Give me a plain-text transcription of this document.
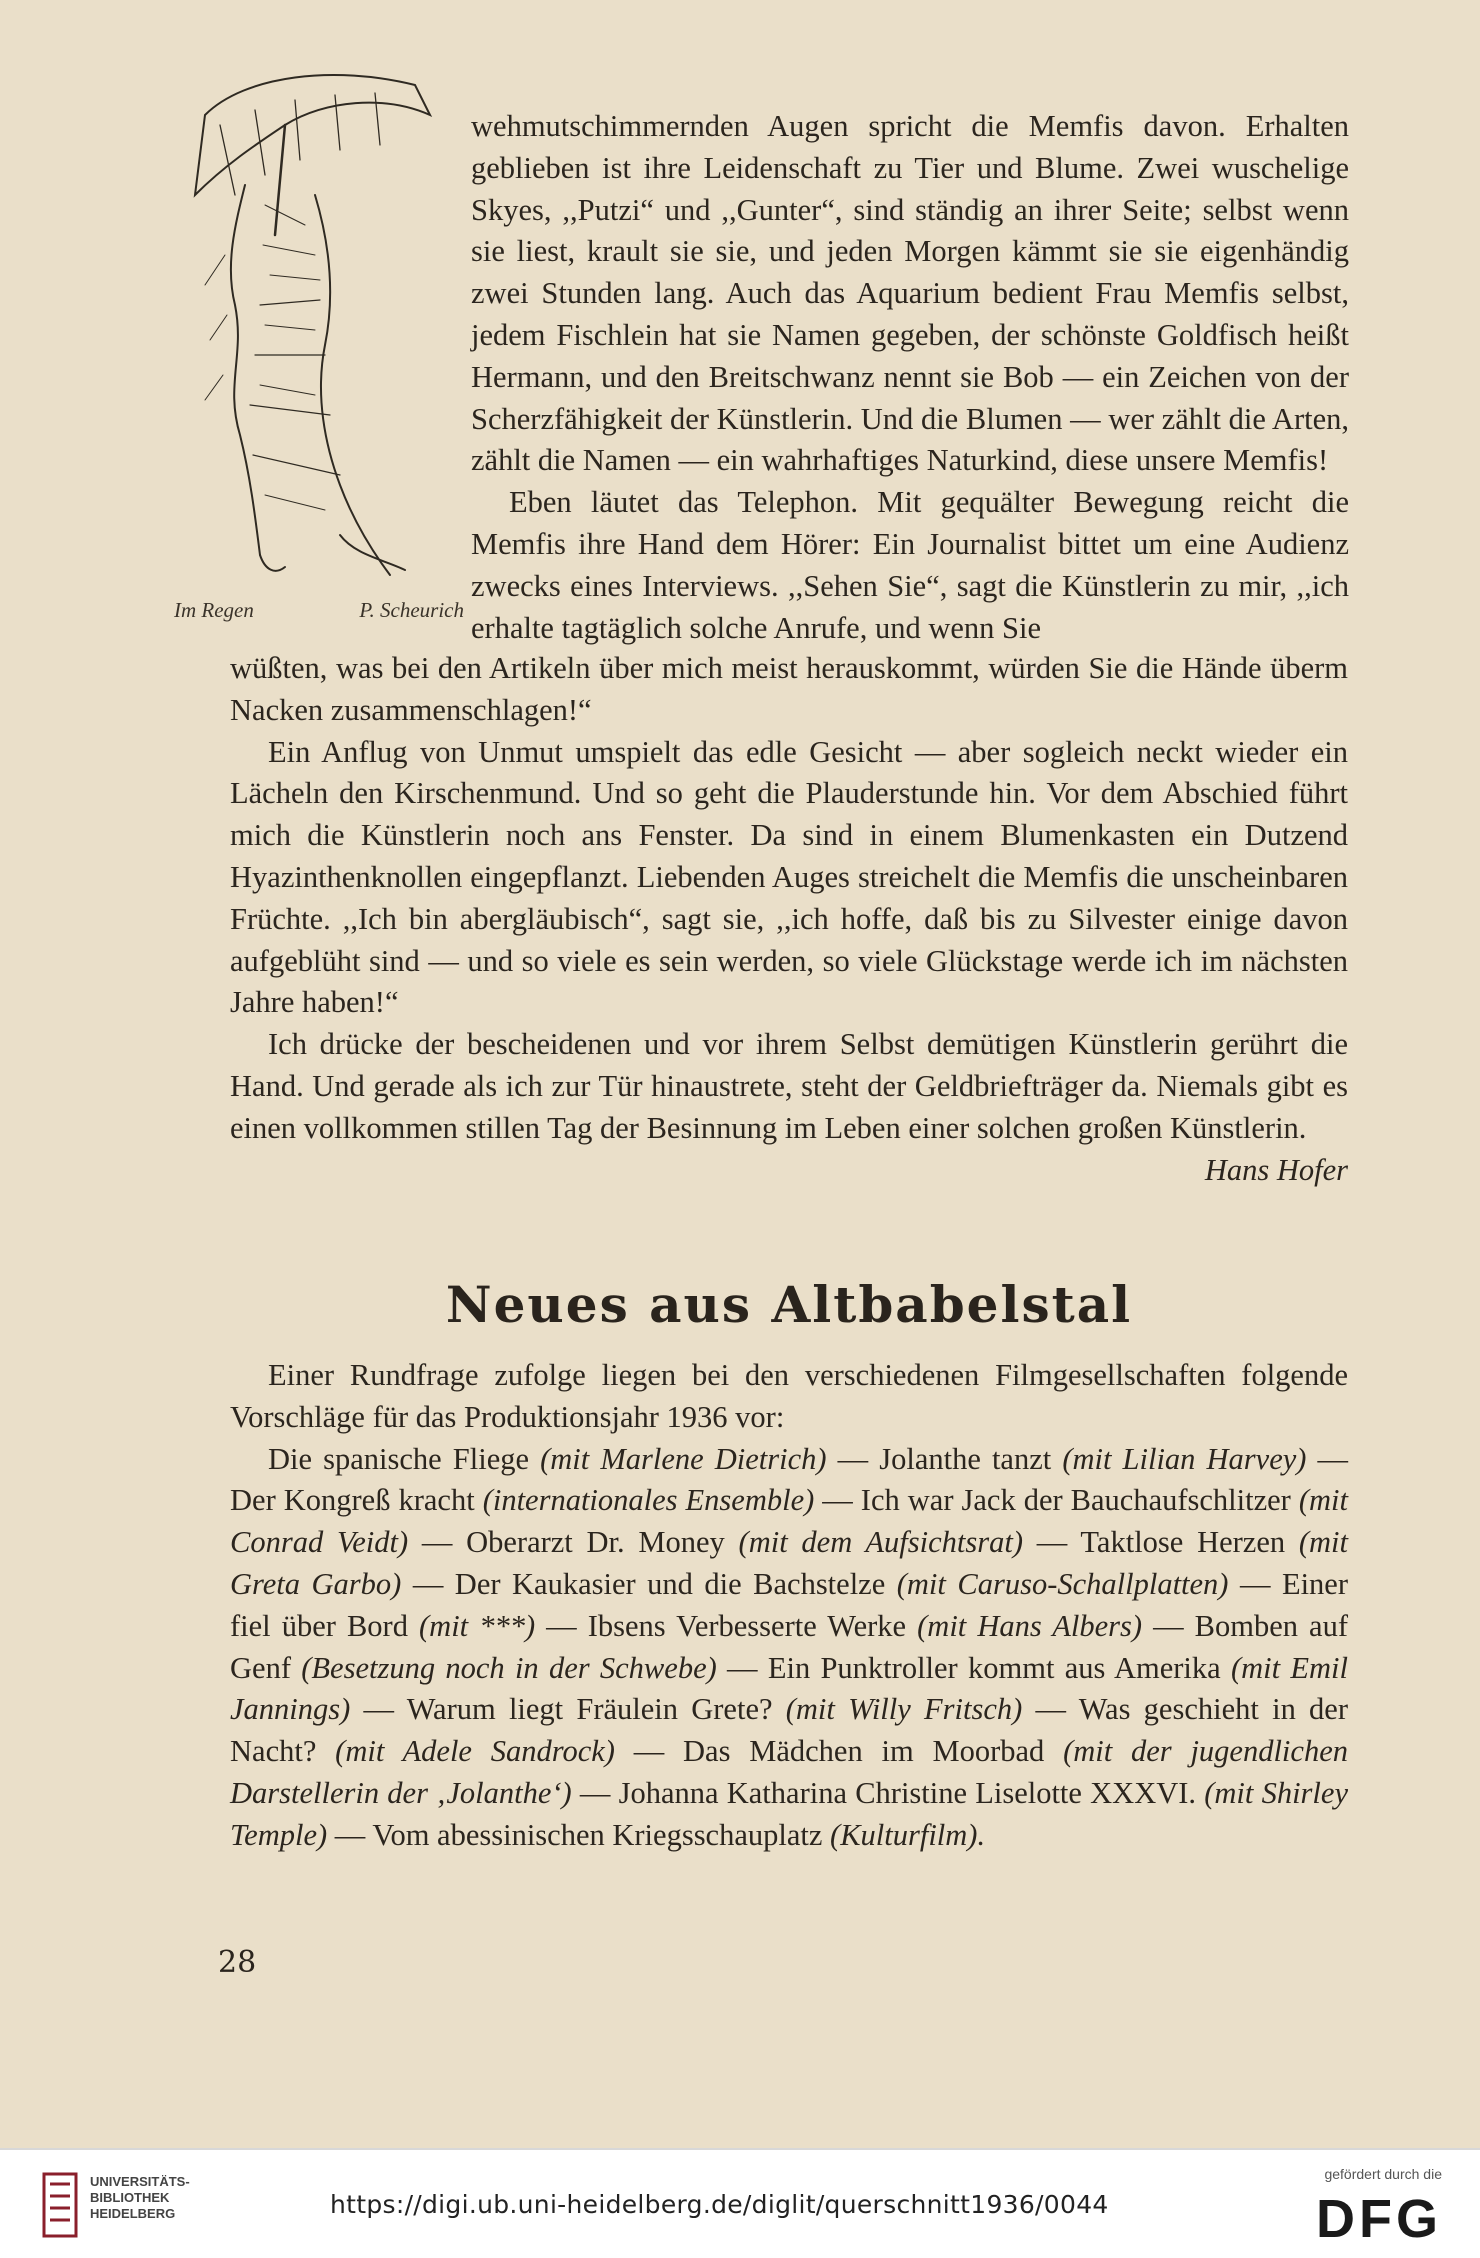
Im Regen	P. Scheurich

wehmutschimmernden Augen spricht die Memfis davon. Erhalten geblieben ist ihre Leidenschaft zu Tier und Blume. Zwei wuschelige Skyes, ,,Putzi“ und ,,Gunter“, sind ständig an ihrer Seite; selbst wenn sie liest, krault sie sie, und jeden Morgen kämmt sie sie eigenhändig zwei Stunden lang. Auch das Aquarium bedient Frau Memfis selbst, jedem Fischlein hat sie Namen gegeben, der schönste Goldfisch heißt Hermann, und den Breitschwanz nennt sie Bob — ein Zeichen von der Scherzfähigkeit der Künstlerin. Und die Blumen — wer zählt die Arten, zählt die Namen — ein wahrhaftiges Naturkind, diese unsere Memfis!

Eben läutet das Telephon. Mit gequälter Bewegung reicht die Memfis ihre Hand dem Hörer: Ein Journalist bittet um eine Audienz zwecks eines Interviews. ,,Sehen Sie“, sagt die Künstlerin zu mir, ,,ich erhalte tagtäglich solche Anrufe, und wenn Sie

wüßten, was bei den Artikeln über mich meist herauskommt, würden Sie die Hände überm Nacken zusammenschlagen!“

Ein Anflug von Unmut umspielt das edle Gesicht — aber sogleich neckt wieder ein Lächeln den Kirschenmund. Und so geht die Plauderstunde hin. Vor dem Abschied führt mich die Künstlerin noch ans Fenster. Da sind in einem Blumenkasten ein Dutzend Hyazinthenknollen eingepflanzt. Liebenden Auges streichelt die Memfis die unscheinbaren Früchte. ,,Ich bin abergläubisch“, sagt sie, ,,ich hoffe, daß bis zu Silvester einige davon aufgeblüht sind — und so viele es sein werden, so viele Glückstage werde ich im nächsten Jahre haben!“

Ich drücke der bescheidenen und vor ihrem Selbst demütigen Künstlerin gerührt die Hand. Und gerade als ich zur Tür hinaustrete, steht der Geldbriefträger da. Niemals gibt es einen vollkommen stillen Tag der Besinnung im Leben einer solchen großen Künstlerin.
Hans Hofer

Neues aus Altbabelstal

Einer Rundfrage zufolge liegen bei den verschiedenen Filmgesellschaften folgende Vorschläge für das Produktionsjahr 1936 vor:

Die spanische Fliege (mit Marlene Dietrich) — Jolanthe tanzt (mit Lilian Harvey) — Der Kongreß kracht (internationales Ensemble) — Ich war Jack der Bauchaufschlitzer (mit Conrad Veidt) — Oberarzt Dr. Money (mit dem Aufsichtsrat) — Taktlose Herzen (mit Greta Garbo) — Der Kaukasier und die Bachstelze (mit Caruso-Schallplatten) — Einer fiel über Bord (mit ***) — Ibsens Verbesserte Werke (mit Hans Albers) — Bomben auf Genf (Besetzung noch in der Schwebe) — Ein Punktroller kommt aus Amerika (mit Emil Jannings) — Warum liegt Fräulein Grete? (mit Willy Fritsch) — Was geschieht in der Nacht? (mit Adele Sandrock) — Das Mädchen im Moorbad (mit der jugendlichen Darstellerin der ‚Jolanthe‘) — Johanna Katharina Christine Liselotte XXXVI. (mit Shirley Temple) — Vom abessinischen Kriegsschauplatz (Kulturfilm).

28
UNIVERSITÄTS-
BIBLIOTHEK
HEIDELBERG	https://digi.ub.uni-heidelberg.de/diglit/querschnitt1936/0044
gefördert durch die
DFG
